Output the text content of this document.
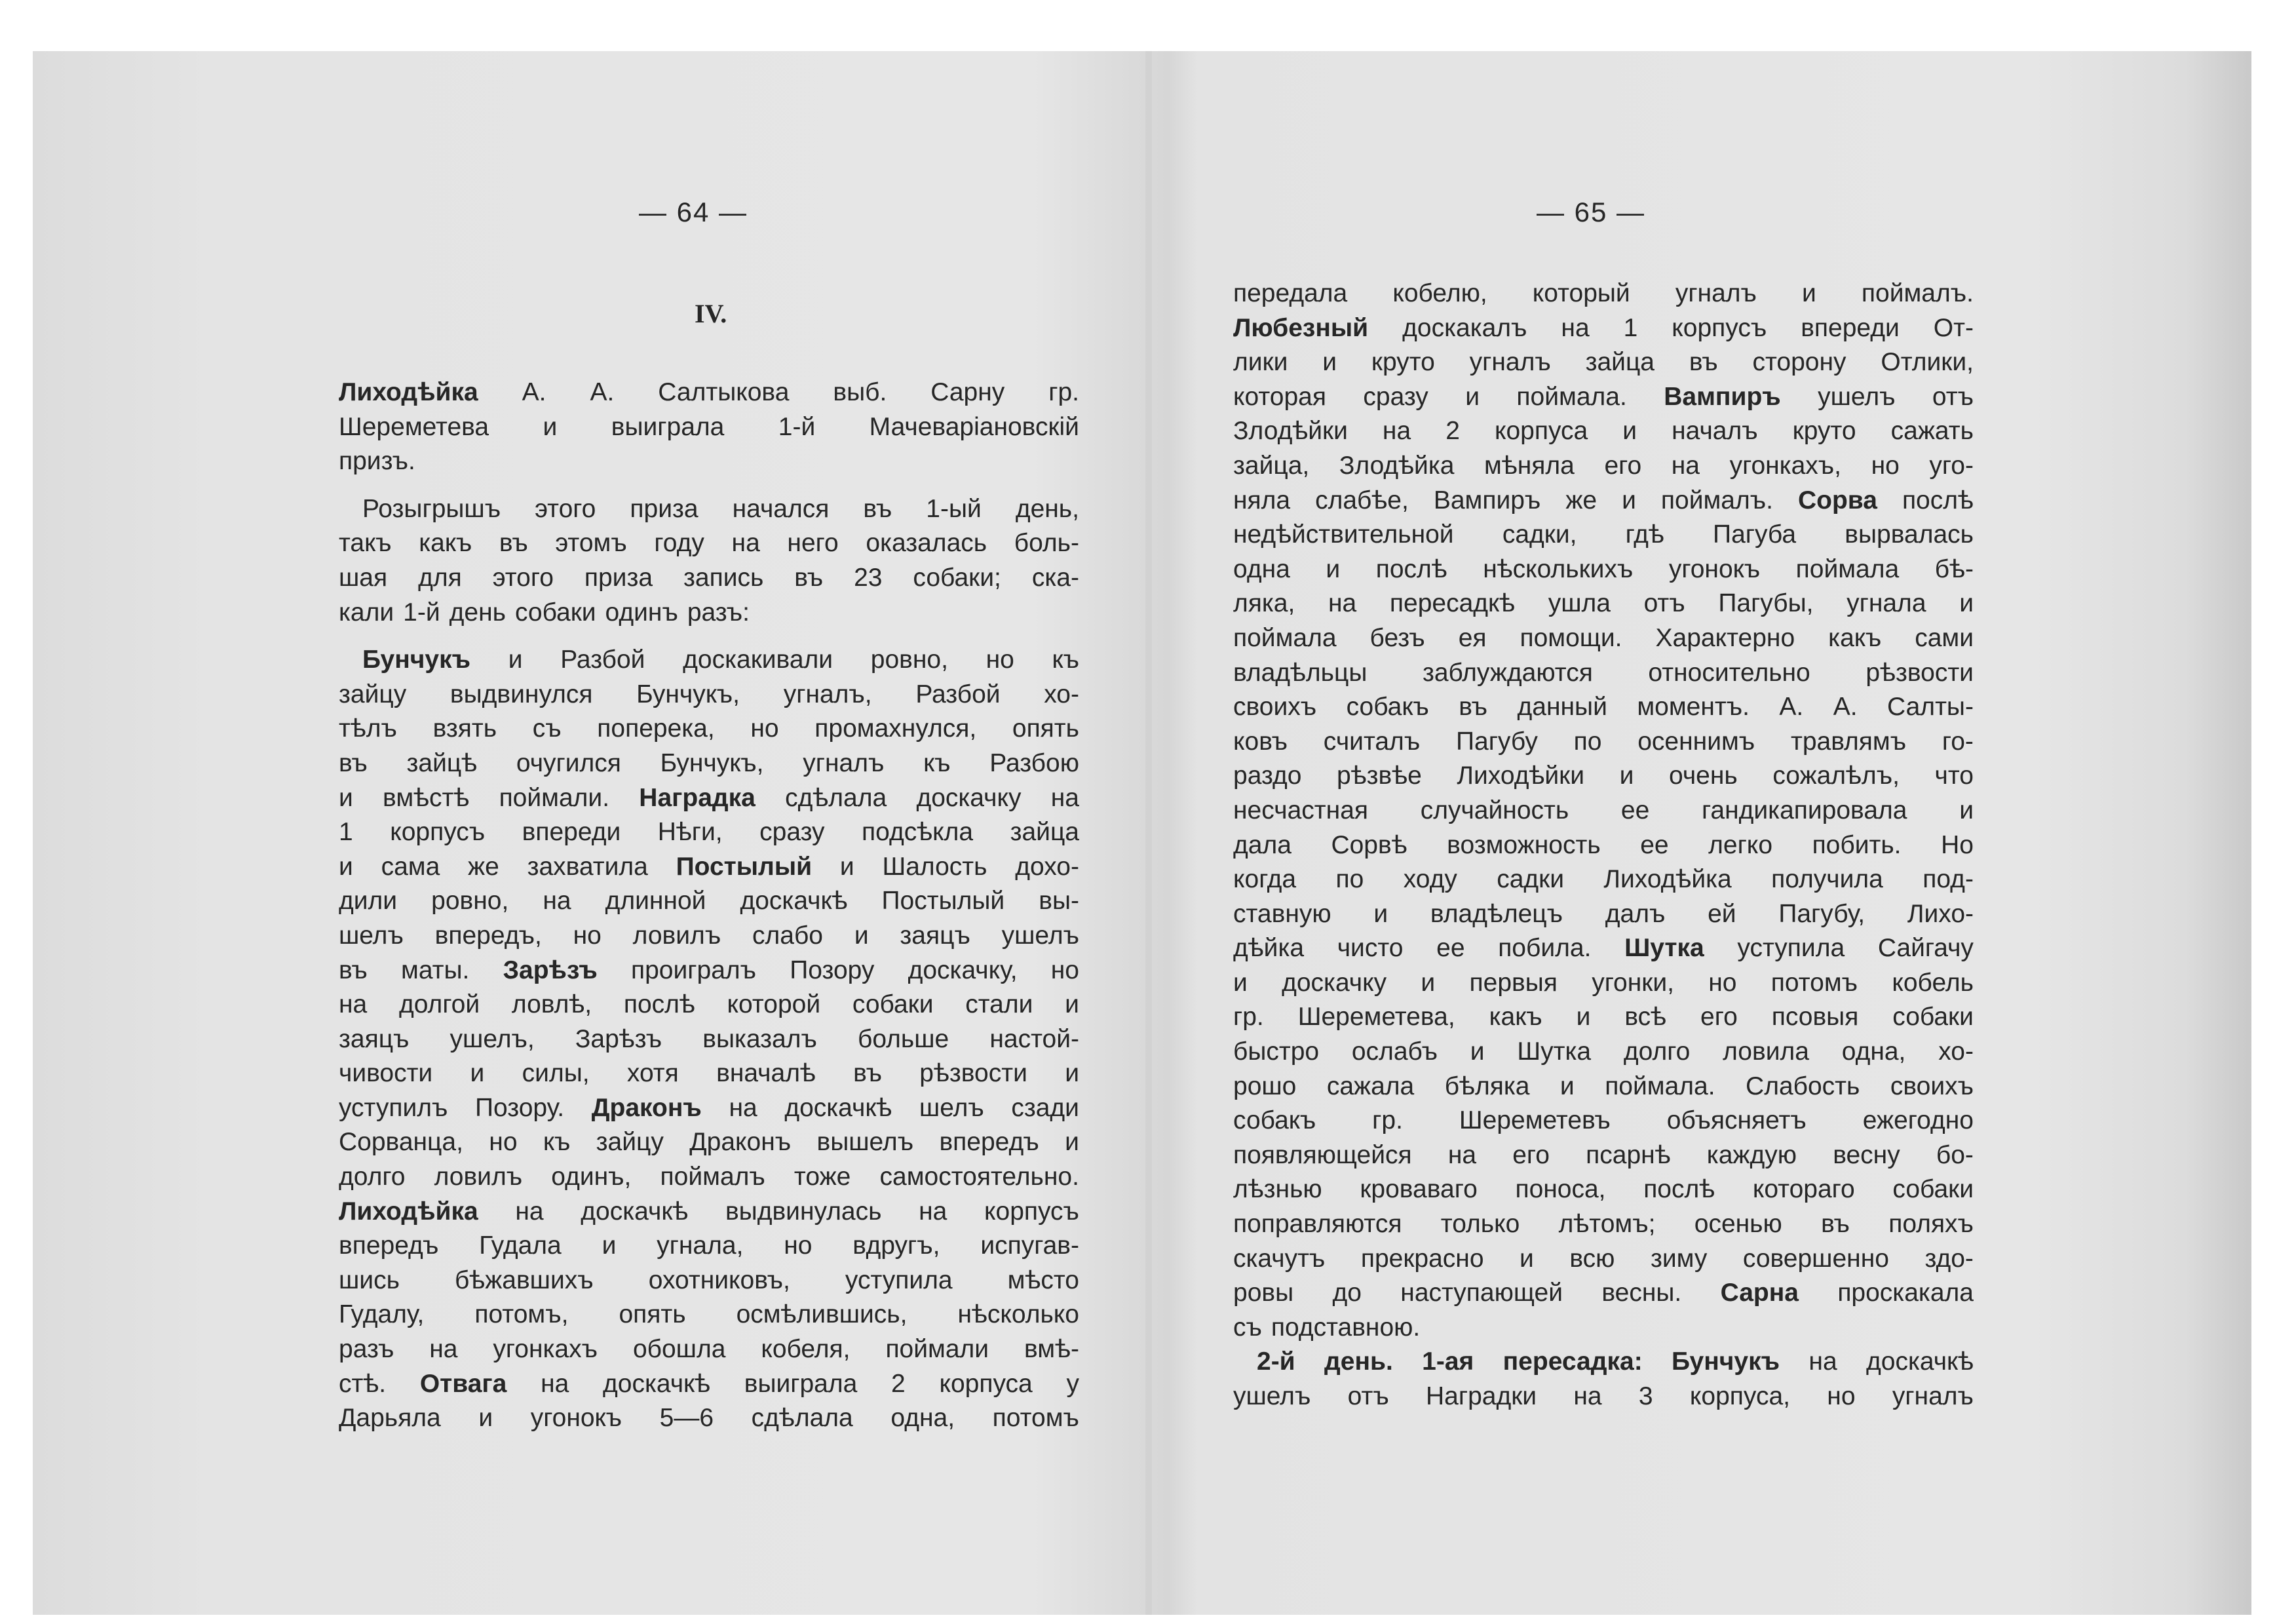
— 64 —
IV.
Лиходѣйка А. А. Салтыкова выб. Сарну гр.
Шереметева и выиграла 1-й Мачеварiановскiй
призъ.
Розыгрышъ этого приза начался въ 1-ый день,
такъ какъ въ этомъ году на него оказалась боль-
шая для этого приза запись въ 23 собаки; ска-
кали 1-й день собаки одинъ разъ:
Бунчукъ и Разбой доскакивали ровно, но къ
зайцу выдвинулся Бунчукъ, угналъ, Разбой хо-
тѣлъ взять съ поперека, но промахнулся, опять
въ зайцѣ очугился Бунчукъ, угналъ къ Разбою
и вмѣстѣ поймали. Наградка сдѣлала доскачку на
1 корпусъ впереди Нѣги, сразу подсѣкла зайца
и сама же захватила Постылый и Шалость дохо-
дили ровно, на длинной доскачкѣ Постылый вы-
шелъ впередъ, но ловилъ слабо и заяцъ ушелъ
въ маты. Зарѣзъ проигралъ Позору доскачку, но
на долгой ловлѣ, послѣ которой собаки стали и
заяцъ ушелъ, Зарѣзъ выказалъ больше настой-
чивости и силы, хотя вначалѣ въ рѣзвости и
уступилъ Позору. Драконъ на доскачкѣ шелъ сзади
Сорванца, но къ зайцу Драконъ вышелъ впередъ и
долго ловилъ одинъ, поймалъ тоже самостоятельно.
Лиходѣйка на доскачкѣ выдвинулась на корпусъ
впередъ Гудала и угнала, но вдругъ, испугав-
шись бѣжавшихъ охотниковъ, уступила мѣсто
Гудалу, потомъ, опять осмѣлившись, нѣсколько
разъ на угонкахъ обошла кобеля, поймали вмѣ-
стѣ. Отвага на доскачкѣ выиграла 2 корпуса у
Дарьяла и угонокъ 5—6 сдѣлала одна, потомъ
— 65 —
передала кобелю, который угналъ и поймалъ.
Любезный доскакалъ на 1 корпусъ впереди От-
лики и круто угналъ зайца въ сторону Отлики,
которая сразу и поймала. Вампиръ ушелъ отъ
Злодѣйки на 2 корпуса и началъ круто сажать
зайца, Злодѣйка мѣняла его на угонкахъ, но уго-
няла слабѣе, Вампиръ же и поймалъ. Сорва послѣ
недѣйствительной садки, гдѣ Пагуба вырвалась
одна и послѣ нѣсколькихъ угонокъ поймала бѣ-
ляка, на пересадкѣ ушла отъ Пагубы, угнала и
поймала безъ ея помощи. Характерно какъ сами
владѣльцы заблуждаются относительно рѣзвости
своихъ собакъ въ данный моментъ. А. А. Салты-
ковъ считалъ Пагубу по осеннимъ травлямъ го-
раздо рѣзвѣе Лиходѣйки и очень сожалѣлъ, что
несчастная случайность ее гандикапировала и
дала Сорвѣ возможность ее легко побить. Но
когда по ходу садки Лиходѣйка получила под-
ставную и владѣлецъ далъ ей Пагубу, Лихо-
дѣйка чисто ее побила. Шутка уступила Сайгачу
и доскачку и первыя угонки, но потомъ кобель
гр. Шереметева, какъ и всѣ его псовыя собаки
быстро ослабъ и Шутка долго ловила одна, хо-
рошо сажала бѣляка и поймала. Слабость своихъ
собакъ гр. Шереметевъ объясняетъ ежегодно
появляющейся на его псарнѣ каждую весну бо-
лѣзнью кроваваго поноса, послѣ котораго собаки
поправляются только лѣтомъ; осенью въ поляхъ
скачутъ прекрасно и всю зиму совершенно здо-
ровы до наступающей весны. Сарна проскакала
съ подставною.
2-й день. 1-ая пересадка: Бунчукъ на доскачкѣ
ушелъ отъ Наградки на 3 корпуса, но угналъ
